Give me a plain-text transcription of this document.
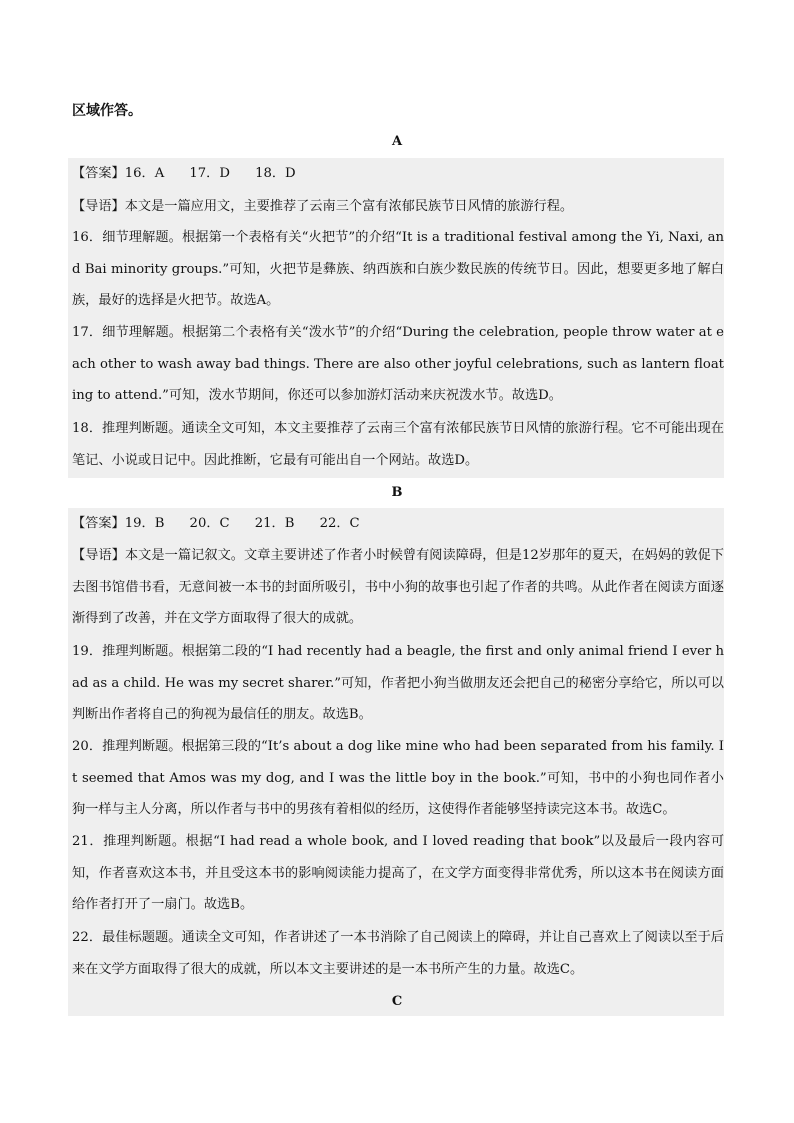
区域作答。

A

【答案】16．A      17．D      18．D

【导语】本文是一篇应用文，主要推荐了云南三个富有浓郁民族节日风情的旅游行程。

16．细节理解题。根据第一个表格有关“火把节”的介绍“It is a traditional festival among the Yi, Naxi, and Bai minority groups.”可知，火把节是彝族、纳西族和白族少数民族的传统节日。因此，想要更多地了解白族，最好的选择是火把节。故选A。

17．细节理解题。根据第二个表格有关“泼水节”的介绍“During the celebration, people throw water at each other to wash away bad things. There are also other joyful celebrations, such as lantern floating to attend.”可知，泼水节期间，你还可以参加游灯活动来庆祝泼水节。故选D。

18．推理判断题。通读全文可知，本文主要推荐了云南三个富有浓郁民族节日风情的旅游行程。它不可能出现在笔记、小说或日记中。因此推断，它最有可能出自一个网站。故选D。

B

【答案】19．B      20．C      21．B      22．C

【导语】本文是一篇记叙文。文章主要讲述了作者小时候曾有阅读障碍，但是12岁那年的夏天，在妈妈的敦促下去图书馆借书看，无意间被一本书的封面所吸引，书中小狗的故事也引起了作者的共鸣。从此作者在阅读方面逐渐得到了改善，并在文学方面取得了很大的成就。

19．推理判断题。根据第二段的“I had recently had a beagle, the first and only animal friend I ever had as a child. He was my secret sharer.”可知，作者把小狗当做朋友还会把自己的秘密分享给它，所以可以判断出作者将自己的狗视为最信任的朋友。故选B。

20．推理判断题。根据第三段的“It’s about a dog like mine who had been separated from his family. It seemed that Amos was my dog, and I was the little boy in the book.”可知，书中的小狗也同作者小狗一样与主人分离，所以作者与书中的男孩有着相似的经历，这使得作者能够坚持读完这本书。故选C。

21．推理判断题。根据“I had read a whole book, and I loved reading that book”以及最后一段内容可知，作者喜欢这本书，并且受这本书的影响阅读能力提高了，在文学方面变得非常优秀，所以这本书在阅读方面给作者打开了一扇门。故选B。

22．最佳标题题。通读全文可知，作者讲述了一本书消除了自己阅读上的障碍，并让自己喜欢上了阅读以至于后来在文学方面取得了很大的成就，所以本文主要讲述的是一本书所产生的力量。故选C。

C
